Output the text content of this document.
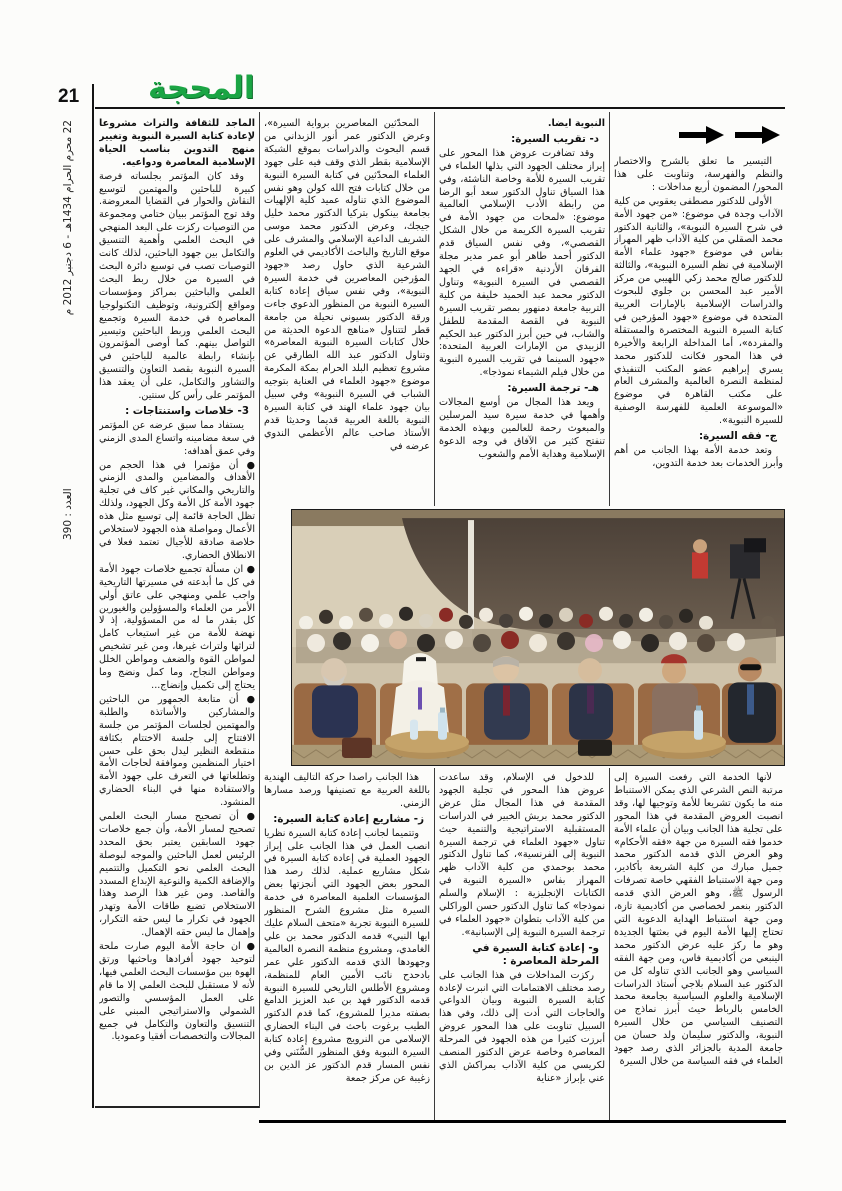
المحجة
21
22 محرم الحرام 1434هـ - 6 دجنبر 2012 م
العدد : 390

التيسير ما تعلق بالشرح والاختصار والنظم والفهرسة، وتناوبت على هذا المحور/ المضمون أربع مداخلات :

الأولى للدكتور مصطفى يعقوبي من كلية الآداب وجدة في موضوع: «من جهود الأمة في شرح السيرة النبوية»، والثانية الدكتور محمد الصقلي من كلية الآداب ظهر المهراز بفاس في موضوع «جهود علماء الأمة الإسلامية في نظم السيرة النبوية»، والثالثة للدكتور صالح محمد زكي اللهيبي من مركز الأمير عبد المحسن بن جلوي للبحوث والدراسات الإسلامية بالإمارات العربية المتحدة في موضوع «جهود المؤرخين في كتابة السيرة النبوية المختصرة والمستقلة والمفردة»، أما المداخلة الرابعة والأخيرة في هذا المحور فكانت للدكتور محمد يسري إبراهيم عضو المكتب التنفيذي لمنظمة النصرة العالمية والمشرف العام على مكتب القاهرة في موضوع «الموسوعة العلمية للفهرسة الوصفية للسيرة النبوية».

ج- فقه السيرة:

وتعد خدمة الأمة بهذا الجانب من أهم وأبرز الخدمات بعد خدمة التدوين،

النبوية ايضا.

د- تقريب السيرة:

وقد تضافرت عروض هذا المحور على إبراز مختلف الجهود التي بذلها العلماء في تقريب السيرة للأمة وخاصة الناشئة، وفي هذا السياق تناول الدكتور سعد أبو الرضا من رابطة الأدب الإسلامي العالمية موضوع: «لمحات من جهود الأمة في تقريب السيرة الكريمة من خلال الشكل القصصي»، وفي نفس السياق قدم الدكتور أحمد طاهر أبو عمر مدير مجلة الفرقان الأردنية «قراءة في الجهد القصصي في السيرة النبوية» وتناول الدكتور محمد عبد الحميد خليفة من كلية التربية جامعة دمنهور بمصر تقريب السيرة النبوية في القصة المقدمة للطفل والشاب، في حين أبرز الدكتور عبد الحكيم الزبيدي من الإمارات العربية المتحدة: «جهود السينما في تقريب السيرة النبوية من خلال فيلم الشيماء نموذجا».

هـ- ترجمة السيرة:

ويعد هذا المجال من أوسع المجالات وأهمها في خدمة سيرة سيد المرسلين والمبعوث رحمة للعالمين وبهذه الخدمة تنفتح كثير من الآفاق في وجه الدعوة الإسلامية وهداية الأمم والشعوب

المحدّثين المعاصرين برواية السيرة»، وعرض الدكتور عمر أنور الزبداني من قسم البحوث والدراسات بموقع الشبكة الإسلامية بقطر الذي وقف فيه على جهود العلماء المحدّثين في كتابة السيرة النبوية من خلال كتابات فتح الله كولن وهو نفس الموضوع الذي تناوله عميد كلية الإلهيات بجامعة بينكول بتركيا الدكتور محمد خليل جيجك، وعرض الدكتور محمد موسى الشريف الداعية الإسلامي والمشرف على موقع التاريخ والباحث الأكاديمي في العلوم الشرعية الذي حاول رصد «جهود المؤرخين المعاصرين في خدمة السيرة النبوية»، وفي نفس سياق إعادة كتابة السيرة النبوية من المنظور الدعوي جاءت ورقة الدكتور بسيوني نحيلة من جامعة قطر لتتناول «مناهج الدعوة الحديثة من خلال كتابات السيرة النبوية المعاصرة» وتناول الدكتور عبد الله الطارقي عن مشروع تعظيم البلد الحرام بمكة المكرمة موضوع «جهود العلماء في العناية بتوجيه الشباب في السيرة النبوية» وفي سبيل بيان جهود علماء الهند في كتابة السيرة النبوية باللغة العربية قديما وحديثا قدم الأستاذ صاحب عالم الأعظمي الندوي عرضه في

الماجد للثقافة والتراث مشروعا لإعادة كتابة السيرة النبوية وتغيير منهج التدوين بناسب الحياة الإسلامية المعاصرة ودواعيه.

وقد كان المؤتمر بجلساته فرصة كبيرة للباحثين والمهتمين لتوسيع النقاش والحوار في القضايا المعروضة. وقد توج المؤتمر ببيان ختامي ومجموعة من التوصيات ركزت على البعد المنهجي في البحث العلمي وأهمية التنسيق والتكامل بين جهود الباحثين، لذلك كانت التوصيات تصب في توسيع دائرة البحث في السيرة من خلال ربط البحث العلمي والباحثين بمراكز ومؤسسات ومواقع إلكترونية، وتوظيف التكنولوجيا المعاصرة في خدمة السيرة وتجميع البحث العلمي وربط الباحثين وتيسير التواصل بينهم. كما أوصى المؤتمرون بإنشاء رابطة عالمية للباحثين في السيرة النبوية بقصد التعاون والتنسيق والتشاور والتكامل، على أن يعقد هذا المؤتمر على رأس كل سنتين.

3- خلاصات واستنتاجات :

يستفاد مما سبق عرضه عن المؤتمر في سعة مضامينه واتساع المدى الزمني وفي عمق أهدافه:

● أن مؤتمرا في هذا الحجم من الأهداف والمضامين والمدى الزمني والتاريخي والمكاني غير كاف في تجلية جهود الأمة كل الأمة وكل الجهود، ولذلك تظل الحاجة قائمة إلى توسيع مثل هذه الأعمال ومواصلة هذه الجهود لاستخلاص خلاصة صادقة للأجيال تعتمد فعلا في الانطلاق الحضاري.

● ان مسألة تجميع خلاصات جهود الأمة في كل ما أبدعته في مسيرتها التاريخية واجب علمي ومنهجي على عاتق أولي الأمر من العلماء والمسؤولين والغيورين كل بقدر ما له من المسؤولية، إذ لا نهضة للأمة من غير استيعاب كامل لتراثها ولتراث غيرها، ومن غير تشخيص لمواطن القوة والضعف ومواطن الخلل ومواطن النجاح، وما كمل ونضج وما يحتاج إلى تكميل وإنضاج...

● أن متابعة الجمهور من الباحثين والمشاركين والأساتذة والطلبة والمهتمين لجلسات المؤتمر من جلسة الافتتاح إلى جلسة الاختتام بكثافة منقطعة النظير ليدل بحق على حسن اختيار المنظمين وموافقة لحاجات الأمة وتطلعاتها في التعرف على جهود الأمة والاستفادة منها في البناء الحضاري المنشود.

● أن تصحيح مسار البحث العلمي تصحيح لمسار الأمة، وأن جمع خلاصات جهود السابقين يعتبر بحق المحدد الرئيس لعمل الباحثين والموجه لبوصلة البحث العلمي نحو التكميل والتتميم والإضافة الكمية والنوعية الإبداع المسدد والقاصد. ومن غير هذا الرصد وهذا الاستخلاص تضيع طاقات الأمة وتهدر الجهود في تكرار ما ليس حقه التكرار، وإهمال ما ليس حقه الإهمال.

● ان حاجة الأمة اليوم صارت ملحة لتوحيد جهود أفرادها وباحثيها ورتق الهوة بين مؤسسات البحث العلمي فيها، لأنه لا مستقبل للبحث العلمي إلا ما قام على العمل المؤسسي والتصور الشمولي والاستراتيجي المبني على التنسيق والتعاون والتكامل في جميع المجالات والتخصصات أفقيا وعموديا.

لأنها الخدمة التي رفعت السيرة إلى مرتبة النص الشرعي الذي يمكن الاستنباط منه ما يكون تشريعا للأمة وتوجيها لها، وقد انصبت العروض المقدمة في هذا المحور على تجلية هذا الجانب وبيان أن علماء الأمة خدموا فقه السيرة من جهة «فقه الأحكام» وهو العرض الذي قدمه الدكتور محمد جميل مبارك من كلية الشريعة بأكادير، ومن جهة الاستنباط الفقهي خاصة تصرفات الرسول ﷺ، وهو العرض الذي قدمه الدكتور بنعمر لخصاصي من أكاديمية تازة، ومن جهة استنباط الهداية الدعوية التي تحتاج إليها الأمة اليوم في بعثتها الجديدة وهو ما ركز عليه عرض الدكتور محمد الينبعي من أكاديمية فاس، ومن جهة الفقه السياسي وهو الجانب الذي تناوله كل من الدكتور عبد السلام بلاجي أستاذ الدراسات الإسلامية والعلوم السياسية بجامعة محمد الخامس بالرباط حيث أبرز نماذج من التصنيف السياسي من خلال السيرة النبوية، والدكتور سليمان ولد حسان من جامعة المدية بالجزائر الذي رصد جهود العلماء في فقه السياسة من خلال السيرة

للدخول في الإسلام، وقد ساعدت عروض هذا المحور في تجلية الجهود المقدمة في هذا المجال مثل عرض الدكتور محمد بريش الخبير في الدراسات المستقبلية الاستراتيجية والتنمية حيث تناول «جهود العلماء في ترجمة السيرة النبوية إلى الفرنسية»، كما تناول الدكتور محمد بوحمدي من كلية الآداب ظهر المهراز بفاس «السيرة النبوية في الكتابات الإنجليزية : الإسلام والسلم نموذجا» كما تناول الدكتور حسن الوراكلي من كلية الآداب بتطوان «جهود العلماء في ترجمة السيرة النبوية إلى الإسبانية».

و- إعادة كتابة السيرة في المرحلة المعاصرة :

ركزت المداخلات في هذا الجانب على رصد مختلف الاهتمامات التي انبرت لإعادة كتابة السيرة النبوية وبيان الدواعي والحاجات التي أدت إلى ذلك، وفي هذا السبيل تناوبت على هذا المحور عروض أبرزت كثيرا من هذه الجهود في المرحلة المعاصرة وخاصة عرض الدكتور المنصف لكريسي من كلية الآداب بمراكش الذي عني بإبراز «عناية

هذا الجانب راصدا حركة التآليف الهندية باللغة العربية مع تصنيفها ورصد مسارها الزمني.

ز- مشاريع إعادة كتابة السيرة:

وتتميما لجانب إعادة كتابة السيرة نظريا انصب العمل في هذا الجانب على إبراز الجهود العملية في إعادة كتابة السيرة في شكل مشاريع عملية. لذلك رصد هذا المحور بعض الجهود التي أنجزتها بعض المؤسسات العلمية المعاصرة في خدمة السيرة مثل مشروع الشرح المنظور للسيرة النبوية تجربة «متحف السلام عليك ايها النبي» قدمه الدكتور محمد بن علي الغامدي، ومشروع منظمة النصرة العالمية وجهودها الذي قدمه الدكتور علي عمر بادحدح نائب الأمين العام للمنظمة، ومشروع الأطلس التاريخي للسيرة النبوية قدمه الدكتور فهد بن عبد العزيز الدامغ بصفته مديرا للمشروع، كما قدم الدكتور الطيب برغوت باحث في البناء الحضاري الإسلامي من النرويج مشروع إعادة كتابة السيرة النبوية وفق المنظور السُّنَني وفي نفس المسار قدم الدكتور عز الدين بن زغيبة عن مركز جمعة
